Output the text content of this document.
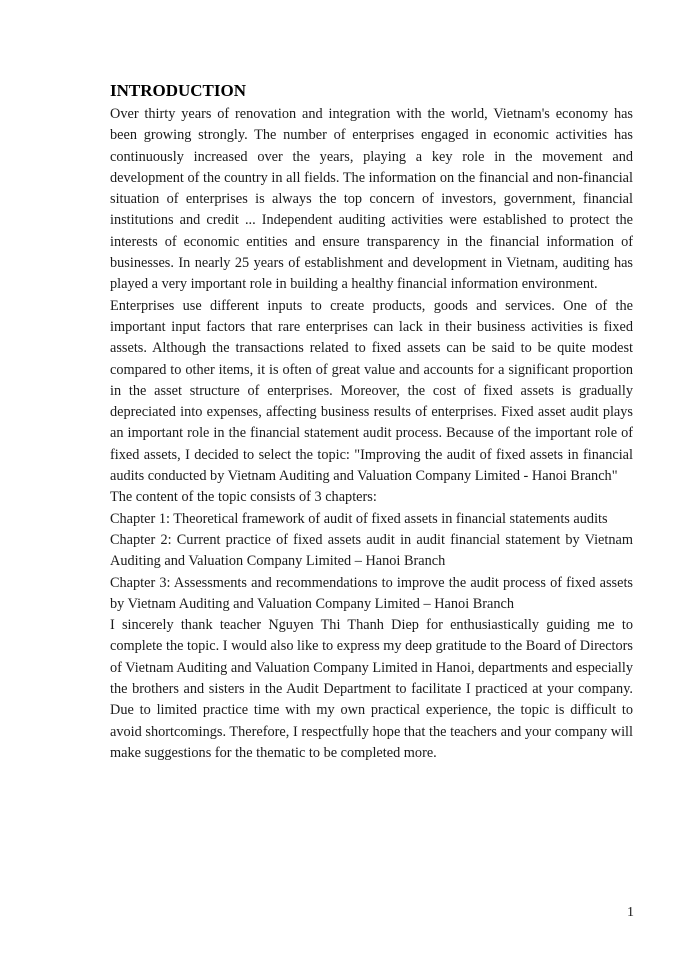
INTRODUCTION

Over thirty years of renovation and integration with the world, Vietnam's economy has been growing strongly. The number of enterprises engaged in economic activities has continuously increased over the years, playing a key role in the movement and development of the country in all fields. The information on the financial and non-financial situation of enterprises is always the top concern of investors, government, financial institutions and credit ... Independent auditing activities were established to protect the interests of economic entities and ensure transparency in the financial information of businesses. In nearly 25 years of establishment and development in Vietnam, auditing has played a very important role in building a healthy financial information environment.

Enterprises use different inputs to create products, goods and services. One of the important input factors that rare enterprises can lack in their business activities is fixed assets. Although the transactions related to fixed assets can be said to be quite modest compared to other items, it is often of great value and accounts for a significant proportion in the asset structure of enterprises. Moreover, the cost of fixed assets is gradually depreciated into expenses, affecting business results of enterprises. Fixed asset audit plays an important role in the financial statement audit process. Because of the important role of fixed assets, I decided to select the topic: "Improving the audit of fixed assets in financial audits conducted by Vietnam Auditing and Valuation Company Limited - Hanoi Branch"

The content of the topic consists of 3 chapters:

Chapter 1: Theoretical framework of audit of fixed assets in financial statements audits

Chapter 2: Current practice of fixed assets audit in audit financial statement by Vietnam Auditing and Valuation Company Limited – Hanoi Branch

Chapter 3: Assessments and recommendations to improve the audit process of fixed assets by Vietnam Auditing and Valuation Company Limited – Hanoi Branch

I sincerely thank teacher Nguyen Thi Thanh Diep for enthusiastically guiding me to complete the topic. I would also like to express my deep gratitude to the Board of Directors of Vietnam Auditing and Valuation Company Limited in Hanoi, departments and especially the brothers and sisters in the Audit Department to facilitate I practiced at your company. Due to limited practice time with my own practical experience, the topic is difficult to avoid shortcomings. Therefore, I respectfully hope that the teachers and your company will make suggestions for the thematic to be completed more.

1
